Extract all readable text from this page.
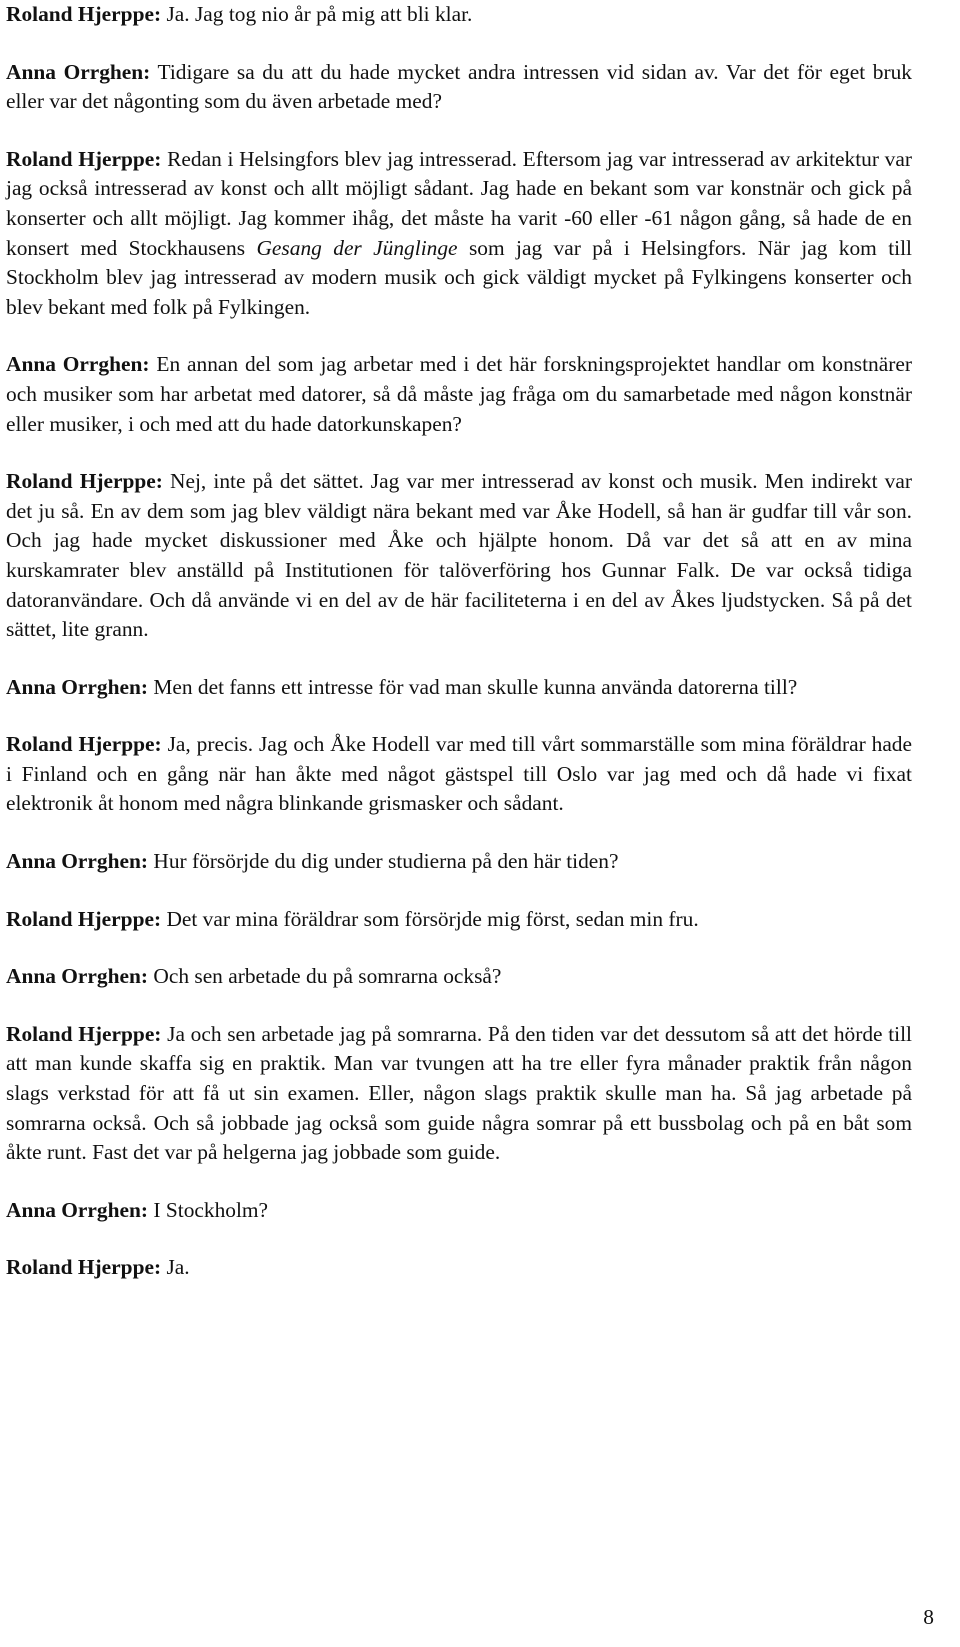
Roland Hjerppe: Ja. Jag tog nio år på mig att bli klar.

Anna Orrghen: Tidigare sa du att du hade mycket andra intressen vid sidan av. Var det för eget bruk eller var det någonting som du även arbetade med?

Roland Hjerppe: Redan i Helsingfors blev jag intresserad. Eftersom jag var intresserad av arkitektur var jag också intresserad av konst och allt möjligt sådant. Jag hade en bekant som var konstnär och gick på konserter och allt möjligt. Jag kommer ihåg, det måste ha varit -60 eller -61 någon gång, så hade de en konsert med Stockhausens Gesang der Jünglinge som jag var på i Helsingfors. När jag kom till Stockholm blev jag intresserad av modern musik och gick väldigt mycket på Fylkingens konserter och blev bekant med folk på Fylkingen.

Anna Orrghen: En annan del som jag arbetar med i det här forskningsprojektet handlar om konstnärer och musiker som har arbetat med datorer, så då måste jag fråga om du samarbetade med någon konstnär eller musiker, i och med att du hade datorkunskapen?

Roland Hjerppe: Nej, inte på det sättet. Jag var mer intresserad av konst och musik. Men indirekt var det ju så. En av dem som jag blev väldigt nära bekant med var Åke Hodell, så han är gudfar till vår son. Och jag hade mycket diskussioner med Åke och hjälpte honom. Då var det så att en av mina kurskamrater blev anställd på Institutionen för talöverföring hos Gunnar Falk. De var också tidiga datoranvändare. Och då använde vi en del av de här faciliteterna i en del av Åkes ljudstycken. Så på det sättet, lite grann.

Anna Orrghen: Men det fanns ett intresse för vad man skulle kunna använda datorerna till?

Roland Hjerppe: Ja, precis. Jag och Åke Hodell var med till vårt sommarställe som mina föräldrar hade i Finland och en gång när han åkte med något gästspel till Oslo var jag med och då hade vi fixat elektronik åt honom med några blinkande grismasker och sådant.

Anna Orrghen: Hur försörjde du dig under studierna på den här tiden?

Roland Hjerppe: Det var mina föräldrar som försörjde mig först, sedan min fru.

Anna Orrghen: Och sen arbetade du på somrarna också?

Roland Hjerppe: Ja och sen arbetade jag på somrarna. På den tiden var det dessutom så att det hörde till att man kunde skaffa sig en praktik. Man var tvungen att ha tre eller fyra månader praktik från någon slags verkstad för att få ut sin examen. Eller, någon slags praktik skulle man ha. Så jag arbetade på somrarna också. Och så jobbade jag också som guide några somrar på ett bussbolag och på en båt som åkte runt. Fast det var på helgerna jag jobbade som guide.

Anna Orrghen: I Stockholm?

Roland Hjerppe: Ja.

8
